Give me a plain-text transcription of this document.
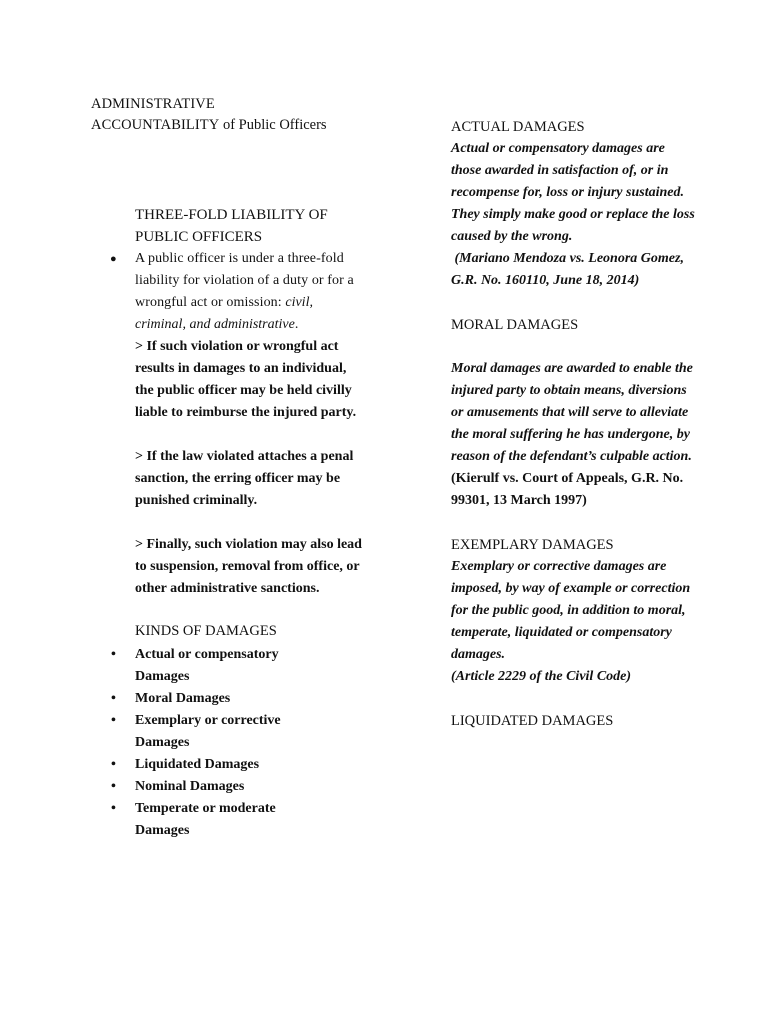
ADMINISTRATIVE
ACCOUNTABILITY of Public Officers
THREE-FOLD LIABILITY OF PUBLIC OFFICERS
● A public officer is under a three-fold liability for violation of a duty or for a wrongful act or omission: civil, criminal, and administrative.
> If such violation or wrongful act results in damages to an individual, the public officer may be held civilly liable to reimburse the injured party.
> If the law violated attaches a penal sanction, the erring officer may be punished criminally.
> Finally, such violation may also lead to suspension, removal from office, or other administrative sanctions.
KINDS OF DAMAGES
• Actual or compensatory Damages
• Moral Damages
• Exemplary or corrective Damages
• Liquidated Damages
• Nominal Damages
• Temperate or moderate Damages
ACTUAL DAMAGES
Actual or compensatory damages are those awarded in satisfaction of, or in recompense for, loss or injury sustained. They simply make good or replace the loss caused by the wrong.
(Mariano Mendoza vs. Leonora Gomez, G.R. No. 160110, June 18, 2014)
MORAL DAMAGES
Moral damages are awarded to enable the injured party to obtain means, diversions or amusements that will serve to alleviate the moral suffering he has undergone, by reason of the defendant’s culpable action.
(Kierulf vs. Court of Appeals, G.R. No. 99301, 13 March 1997)
EXEMPLARY DAMAGES
Exemplary or corrective damages are imposed, by way of example or correction for the public good, in addition to moral, temperate, liquidated or compensatory damages.
(Article 2229 of the Civil Code)
LIQUIDATED DAMAGES
